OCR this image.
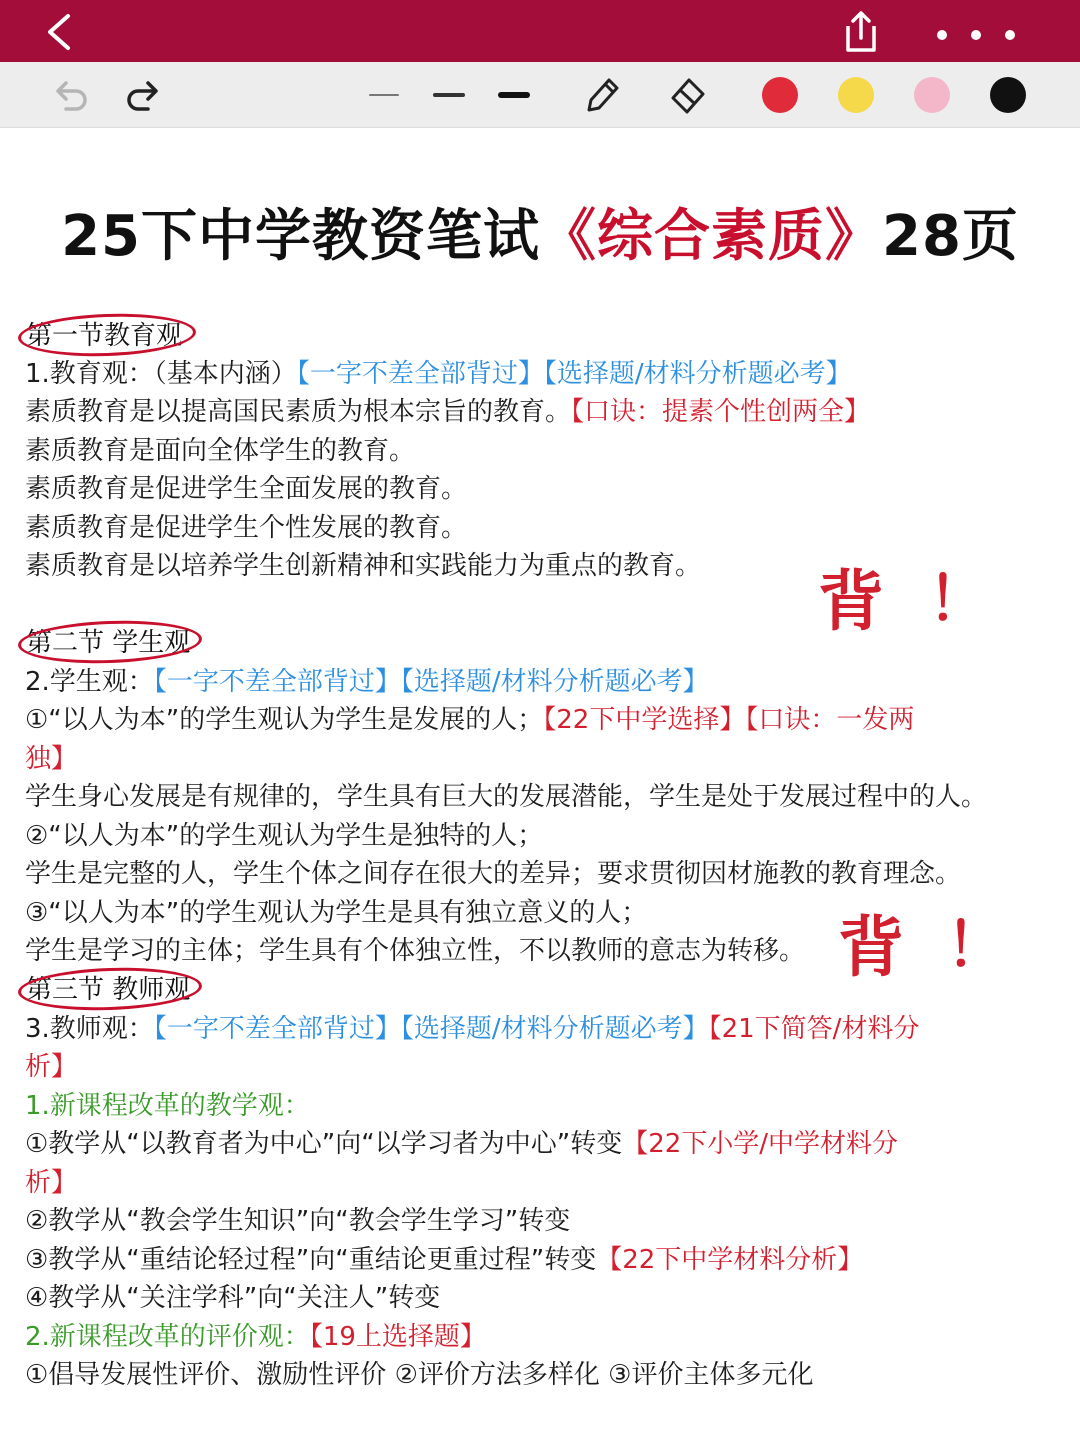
25下中学教资笔试《综合素质》28页
第一节教育观
1.教育观：（基本内涵）【一字不差全部背过】【选择题/材料分析题必考】
素质教育是以提高国民素质为根本宗旨的教育。【口诀：提素个性创两全】
素质教育是面向全体学生的教育。
素质教育是促进学生全面发展的教育。
素质教育是促进学生个性发展的教育。
素质教育是以培养学生创新精神和实践能力为重点的教育。 背 ！
第二节 学生观
2.学生观：【一字不差全部背过】【选择题/材料分析题必考】
①“以人为本”的学生观认为学生是发展的人；【22下中学选择】【口诀：一发两
独】
学生身心发展是有规律的，学生具有巨大的发展潜能，学生是处于发展过程中的人。
②“以人为本”的学生观认为学生是独特的人；
学生是完整的人，学生个体之间存在很大的差异；要求贯彻因材施教的教育理念。
③“以人为本”的学生观认为学生是具有独立意义的人；
学生是学习的主体；学生具有个体独立性，不以教师的意志为转移。 背 ！
第三节 教师观
3.教师观：【一字不差全部背过】【选择题/材料分析题必考】【21下简答/材料分
析】
1.新课程改革的教学观：
①教学从“以教育者为中心”向“以学习者为中心”转变【22下小学/中学材料分
析】
②教学从“教会学生知识”向“教会学生学习”转变
③教学从“重结论轻过程”向“重结论更重过程”转变【22下中学材料分析】
④教学从“关注学科”向“关注人”转变
2.新课程改革的评价观：【19上选择题】
①倡导发展性评价、激励性评价 ②评价方法多样化 ③评价主体多元化
